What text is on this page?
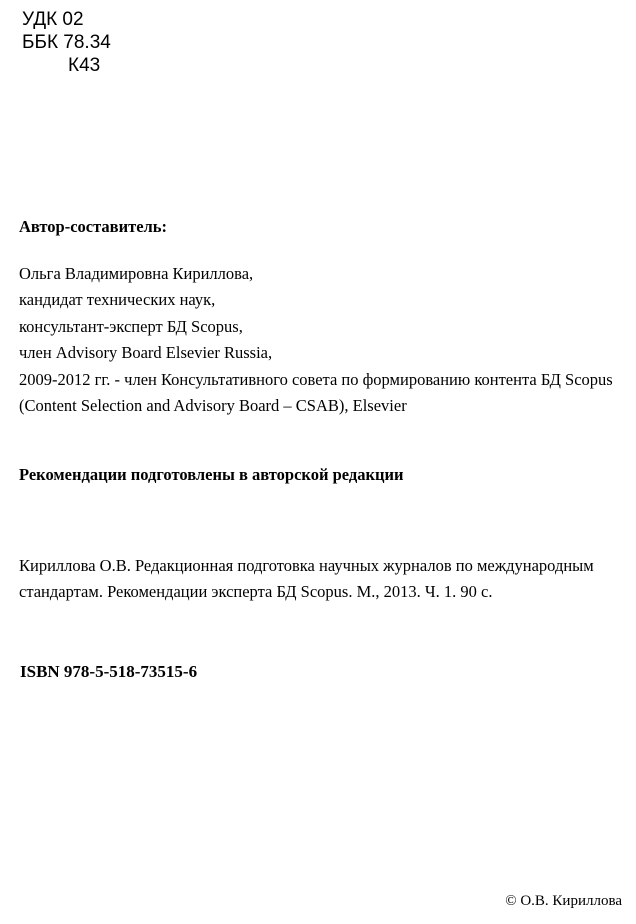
УДК 02
ББК 78.34
К43
Автор-составитель:
Ольга Владимировна Кириллова,
кандидат технических наук,
консультант-эксперт БД Scopus,
член Advisory Board Elsevier Russia,
2009-2012 гг. - член Консультативного совета по формированию контента БД Scopus (Content Selection and Advisory Board – CSAB), Elsevier
Рекомендации подготовлены в авторской редакции
Кириллова О.В. Редакционная подготовка научных журналов по международным стандартам. Рекомендации эксперта БД Scopus. М., 2013. Ч. 1. 90 с.
ISBN 978-5-518-73515-6
© О.В. Кириллова
